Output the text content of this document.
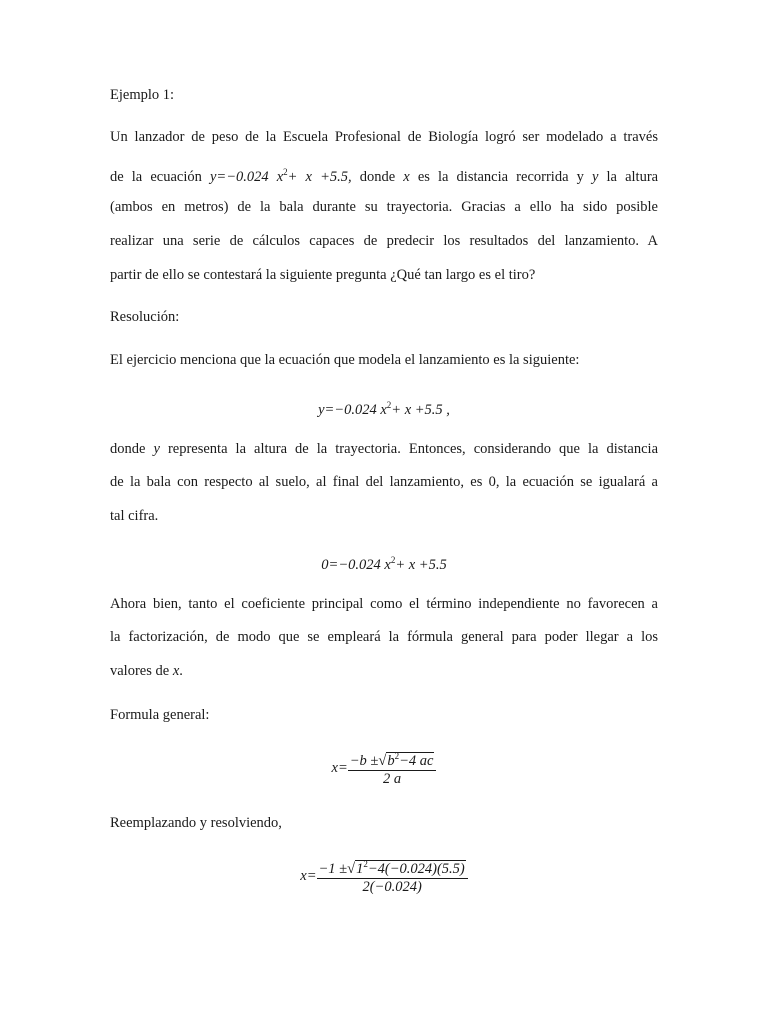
Ejemplo 1:
Un lanzador de peso de la Escuela Profesional de Biología logró ser modelado a través
de la ecuación y=−0.024 $x^2+ x +5.5$, donde x es la distancia recorrida y y la altura
(ambos en metros) de la bala durante su trayectoria. Gracias a ello ha sido posible
realizar una serie de cálculos capaces de predecir los resultados del lanzamiento. A
partir de ello se contestará la siguiente pregunta ¿Qué tan largo es el tiro?
Resolución:
El ejercicio menciona que la ecuación que modela el lanzamiento es la siguiente:
y=−0.024 $x^2+ x +5.5$ ,
donde y representa la altura de la trayectoria. Entonces, considerando que la distancia
de la bala con respecto al suelo, al final del lanzamiento, es 0, la ecuación se igualará a
tal cifra.
0=−0.024 $x^2+ x +5.5$
Ahora bien, tanto el coeficiente principal como el término independiente no favorecen a
la factorización, de modo que se empleará la fórmula general para poder llegar a los
valores de x.
Formula general:
$x= \frac{-b \pm√b^2-4 ac}{2 a}$
Reemplazando y resolviendo,
$x= \frac{-1 \pm√1^2-4(-0.024)(5.5)}{2(-0.024)}$
